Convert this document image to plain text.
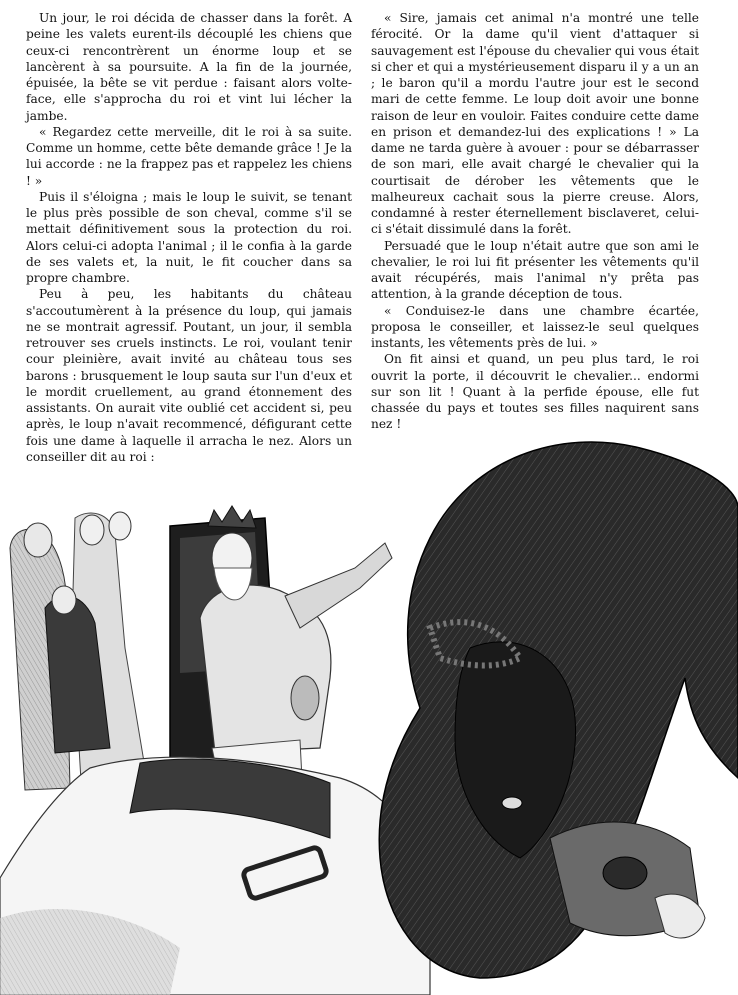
Un jour, le roi décida de chasser dans la forêt. A peine les valets eurent-ils découplé les chiens que ceux-ci rencontrèrent un énorme loup et se lancèrent à sa poursuite. A la fin de la journée, épuisée, la bête se vit perdue : faisant alors volte-face, elle s'approcha du roi et vint lui lécher la jambe.

« Regardez cette merveille, dit le roi à sa suite. Comme un homme, cette bête demande grâce ! Je la lui accorde : ne la frappez pas et rappelez les chiens ! »

Puis il s'éloigna ; mais le loup le suivit, se tenant le plus près possible de son cheval, comme s'il se mettait définitivement sous la protection du roi. Alors celui-ci adopta l'animal ; il le confia à la garde de ses valets et, la nuit, le fit coucher dans sa propre chambre.

Peu à peu, les habitants du château s'accoutumèrent à la présence du loup, qui jamais ne se montrait agressif. Poutant, un jour, il sembla retrouver ses cruels instincts. Le roi, voulant tenir cour pleinière, avait invité au château tous ses barons : brusquement le loup sauta sur l'un d'eux et le mordit cruellement, au grand étonnement des assistants. On aurait vite oublié cet accident si, peu après, le loup n'avait recommencé, défigurant cette fois une dame à laquelle il arracha le nez. Alors un conseiller dit au roi :

« Sire, jamais cet animal n'a montré une telle férocité. Or la dame qu'il vient d'attaquer si sauvagement est l'épouse du chevalier qui vous était si cher et qui a mystérieusement disparu il y a un an ; le baron qu'il a mordu l'autre jour est le second mari de cette femme. Le loup doit avoir une bonne raison de leur en vouloir. Faites conduire cette dame en prison et demandez-lui des explications ! » La dame ne tarda guère à avouer : pour se débarrasser de son mari, elle avait chargé le chevalier qui la courtisait de dérober les vêtements que le malheureux cachait sous la pierre creuse. Alors, condamné à rester éternellement bisclaveret, celui-ci s'était dissimulé dans la forêt.

Persuadé que le loup n'était autre que son ami le chevalier, le roi lui fit présenter les vêtements qu'il avait récupérés, mais l'animal n'y prêta pas attention, à la grande déception de tous.

« Conduisez-le dans une chambre écartée, proposa le conseiller, et laissez-le seul quelques instants, les vêtements près de lui. »

On fit ainsi et quand, un peu plus tard, le roi ouvrit la porte, il découvrit le chevalier... endormi sur son lit ! Quant à la perfide épouse, elle fut chassée du pays et toutes ses filles naquirent sans nez !
